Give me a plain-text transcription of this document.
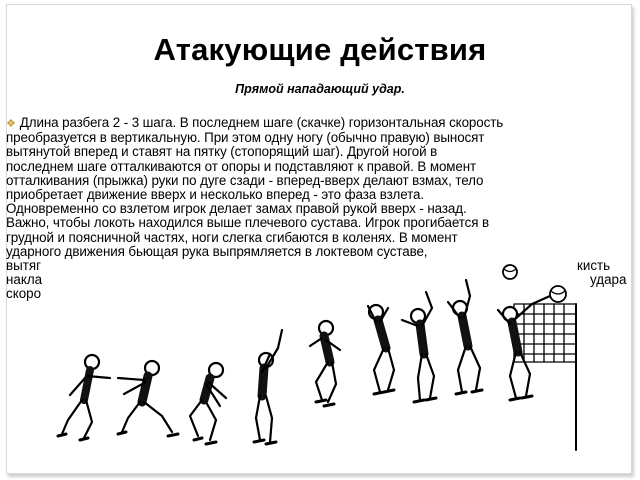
Атакующие действия
Прямой нападающий удар.
❖ Длина разбега 2 - 3 шага. В последнем шаге (скачке) горизонтальная скорость
преобразуется в вертикальную. При этом одну ногу (обычно правую) выносят
вытянутой вперед и ставят на пятку (стопорящий шаг). Другой ногой в
последнем шаге отталкиваются от опоры и подставляют к правой. В момент
отталкивания (прыжка) руки по дуге сзади - вперед-вверх делают взмах, тело
приобретает движение вверх и несколько вперед - это фаза взлета.
Одновременно со взлетом игрок делает замах правой рукой вверх - назад.
Важно, чтобы локоть находился выше плечевого сустава. Игрок прогибается в
грудной и поясничной частях, ноги слегка сгибаются в коленях. В момент
ударного движения бьющая рука выпрямляется в локтевом суставе,
вытяг
накла
скоро
кисть
удара
